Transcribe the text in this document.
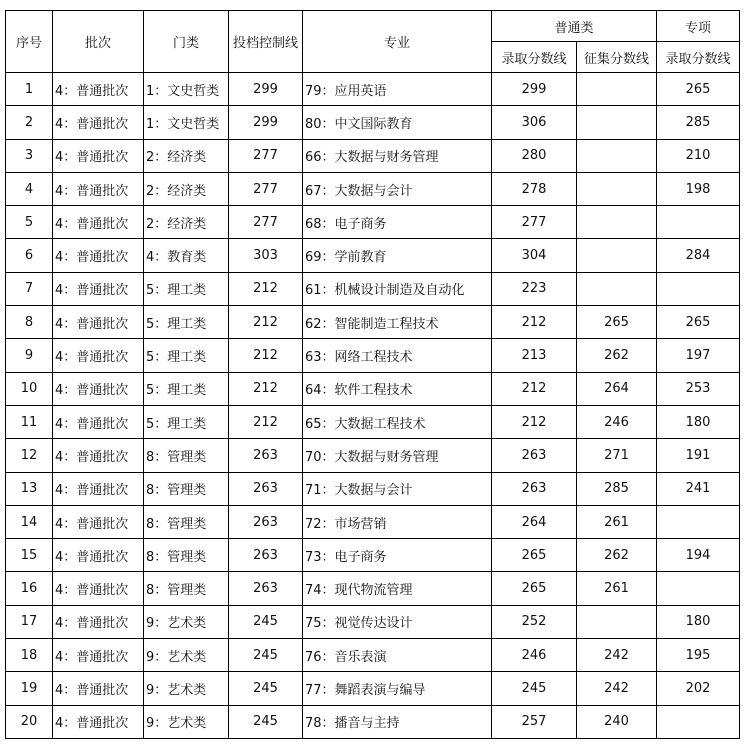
序号	批次	门类	投档控制线	专业	普通类		专项
					录取分数线	征集分数线	录取分数线
1	4：普通批次	1：文史哲类	299	79：应用英语	299		265
2	4：普通批次	1：文史哲类	299	80：中文国际教育	306		285
3	4：普通批次	2：经济类	277	66：大数据与财务管理	280		210
4	4：普通批次	2：经济类	277	67：大数据与会计	278		198
5	4：普通批次	2：经济类	277	68：电子商务	277		
6	4：普通批次	4：教育类	303	69：学前教育	304		284
7	4：普通批次	5：理工类	212	61：机械设计制造及自动化	223		
8	4：普通批次	5：理工类	212	62：智能制造工程技术	212	265	265
9	4：普通批次	5：理工类	212	63：网络工程技术	213	262	197
10	4：普通批次	5：理工类	212	64：软件工程技术	212	264	253
11	4：普通批次	5：理工类	212	65：大数据工程技术	212	246	180
12	4：普通批次	8：管理类	263	70：大数据与财务管理	263	271	191
13	4：普通批次	8：管理类	263	71：大数据与会计	263	285	241
14	4：普通批次	8：管理类	263	72：市场营销	264	261	
15	4：普通批次	8：管理类	263	73：电子商务	265	262	194
16	4：普通批次	8：管理类	263	74：现代物流管理	265	261	
17	4：普通批次	9：艺术类	245	75：视觉传达设计	252		180
18	4：普通批次	9：艺术类	245	76：音乐表演	246	242	195
19	4：普通批次	9：艺术类	245	77：舞蹈表演与编导	245	242	202
20	4：普通批次	9：艺术类	245	78：播音与主持	257	240	
